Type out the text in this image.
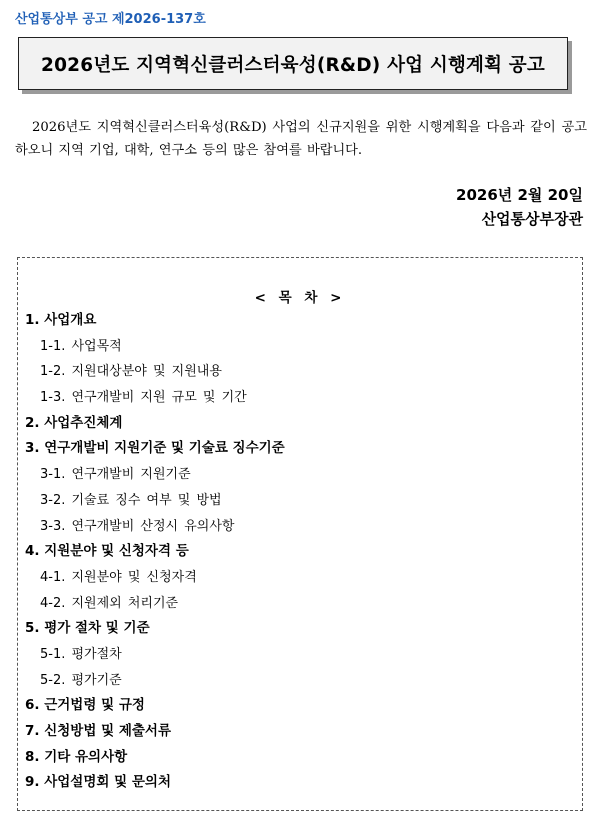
산업통상부 공고 제2026-137호
2026년도 지역혁신클러스터육성(R&D) 사업 시행계획 공고
2026년도 지역혁신클러스터육성(R&D) 사업의 신규지원을 위한 시행계획을 다음과 같이 공고하오니 지역 기업, 대학, 연구소 등의 많은 참여를 바랍니다.
2026년 2월 20일
산업통상부장관
< 목 차 >
1. 사업개요
1-1. 사업목적
1-2. 지원대상분야 및 지원내용
1-3. 연구개발비 지원 규모 및 기간
2. 사업추진체계
3. 연구개발비 지원기준 및 기술료 징수기준
3-1. 연구개발비 지원기준
3-2. 기술료 징수 여부 및 방법
3-3. 연구개발비 산정시 유의사항
4. 지원분야 및 신청자격 등
4-1. 지원분야 및 신청자격
4-2. 지원제외 처리기준
5. 평가 절차 및 기준
5-1. 평가절차
5-2. 평가기준
6. 근거법령 및 규정
7. 신청방법 및 제출서류
8. 기타 유의사항
9. 사업설명회 및 문의처
